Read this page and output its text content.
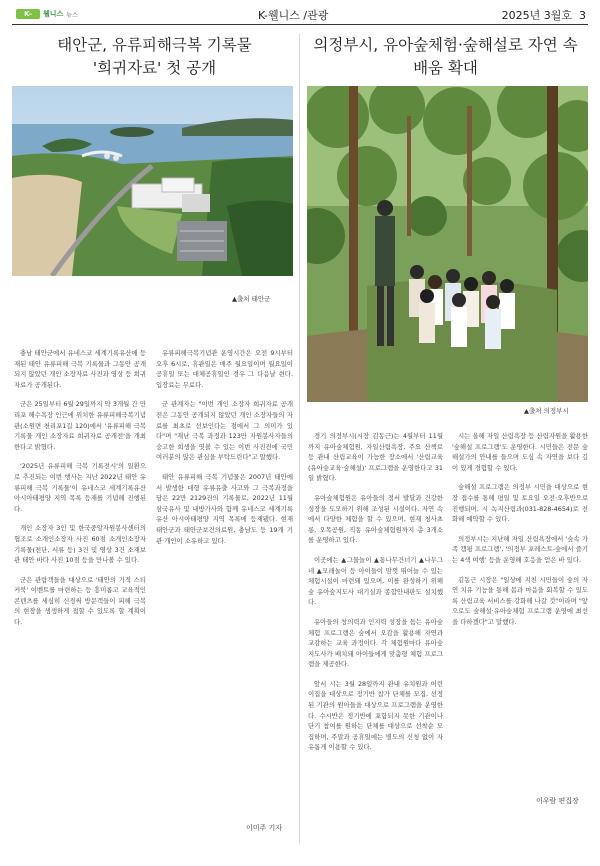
K-	웰니스 뉴스	K-웰니스 /관광	2025년 3월호 3
태안군, 유류피해극복 기록물
'희귀자료' 첫 공개
▲출처 태안군

충남 태안군에서 유네스코 세계기록유산에 등재된 태안 유류피해 극복 기록물과 그동안 공개되지 않았던 개인 소장자료 사진과 영상 등 희귀자료가 공개된다.

군은 25일부터 6월 29일까지 약 3개월 간 만리포 해수욕장 인근에 위치한 유류피해극복기념관(소원면 천리포1길 120)에서 '유류피해 극복 기록물 개인 소장자료 희귀자료 공개전'을 개최한다고 밝혔다.

'2025년 유류피해 극복 기록전시'의 일환으로 추진되는 이번 행사는 지난 2022년 태안 유류피해 극복 기록물'이 유네스코 세계기록유산 아시아태평양 지역 목록 등재를 기념해 진행된다.

개인 소장자 3인 및 한국중앙자원봉사센터의 협조로 소개인소장자 사진 60점 소개인소장자 기록물(전단, 서류 등) 3건 및 영상 3건 소재보관 태안 바다 사진 10점 등을 만나볼 수 있다.

군은 관람객들을 대상으로 '태안의 기적 스티커북' 이벤트를 마련하는 등 흥미롭고 교육적인 콘텐츠를 세심히 신경써 방문객들이 피해 극복의 현장을 생생하게 접할 수 있도록 할 계획이다.

유류피해극복기념관 운영시간은 오전 9시부터 오후 6시로, 휴관일은 매주 월요일이며 월요일이 공휴일 또는 대체공휴일인 경우 그 다음날 쉰다. 입장료는 무료다.

군 관계자는 "이번 개인 소장자 희귀자료 공개전은 그동안 공개되지 않았던 개인 소장자들의 자료를 최초로 선보인다는 점에서 그 의미가 있다"며 "재난 극복 과정과 123만 자원봉사자들의 숭고한 희생을 엿볼 수 있는 이번 사진전에 국민 여러분의 많은 관심을 부탁드린다"고 말했다.

태안 유류피해 극복 기념물은 2007년 태안에서 발생한 대형 유류유출 사고와 그 극복과정을 담은 22만 2129건의 기록물로, 2022년 11월 삼국유사 및 내방가사와 함께 유네스코 세계기록유산 아시아태평양 지역 목록에 등재됐다. 현재 태안군과 태안군보건의료원, 충남도 등 19개 기관·개인이 소유하고 있다.

이미주 기자
의정부시, 유아숲체험·숲해설로 자연 속
배움 확대
▲출처 의정부시

경기 의정부시(시장 김동근)는 4월부터 11월까지 유아숲체험원, 자일산림욕장, 주요 산책로 등 관내 산림교육이 가능한 장소에서 '산림교육(유아숲교육·숲해설)' 프로그램을 운영한다고 31일 밝혔다.

유아숲체험원은 유아들의 정서 발달과 건강한 성장을 도모하기 위해 조성된 시설이다. 자연 속에서 다양한 체험을 할 수 있으며, 현재 청사초롱, 오목공원, 직동 유아숲체험원까지 총 3개소를 운영하고 있다.

이곳에는 ▲그물놀이 ▲통나무건너기 ▲나무그네 ▲모래놀이 등 아이들이 맘껏 뛰어놀 수 있는 체험시설이 마련돼 있으며, 이를 완성하기 위해 숲 유아숲지도사 대기실과 종합안내판도 설치했다.

유아들의 창의력과 인지력 성장을 돕는 유아숲체험 프로그램은 숲에서 오감을 활용해 자연과 교감하는 교육 과정이다. 각 체험원마다 유아숲지도사가 배치돼 아이들에게 맞춤형 체험 프로그램을 제공한다.

앞서 시는 3월 28일까지 관내 유치원과 어린이집을 대상으로 정기반 참가 단체를 모집, 선정된 기관의 원아들을 대상으로 프로그램을 운영한다. 수시반은 정기반에 포함되지 못한 기관이나 단기 참여를 원하는 단체를 대상으로 선착순 모집하며, 주말과 공휴일에는 별도의 신청 없이 자유롭게 이용할 수 있다.

시는 올해 자일 산림욕장 등 산림자원을 활용한 '숲해설 프로그램'도 운영한다. 시민들은 전문 숲해설가의 안내를 들으며 도심 속 자연을 보다 깊이 있게 경험할 수 있다.

숲해설 프로그램은 의정부 시민을 대상으로 현장 접수를 통해 평일 및 토요일 오전·오후반으로 진행되며, 시 녹지산림과(031-828-4654)로 전화해 예약할 수 있다.

의정부시는 지난해 자일 산림욕장에서 '숲속 가족 캠핑 프로그램', '의정부 포레스트-숲에서 즐기는 4색 여행' 등을 운영해 호응을 얻은 바 있다.

김동근 시장은 "일상에 지친 시민들이 숲의 자연 치유 기능을 통해 몸과 마음을 회복할 수 있도록 산림교육 서비스를 강화해 나갈 것"이라며 "앞으로도 숲해설·유아숲체험 프로그램 운영에 최선을 다하겠다"고 말했다.

이우람 편집장
